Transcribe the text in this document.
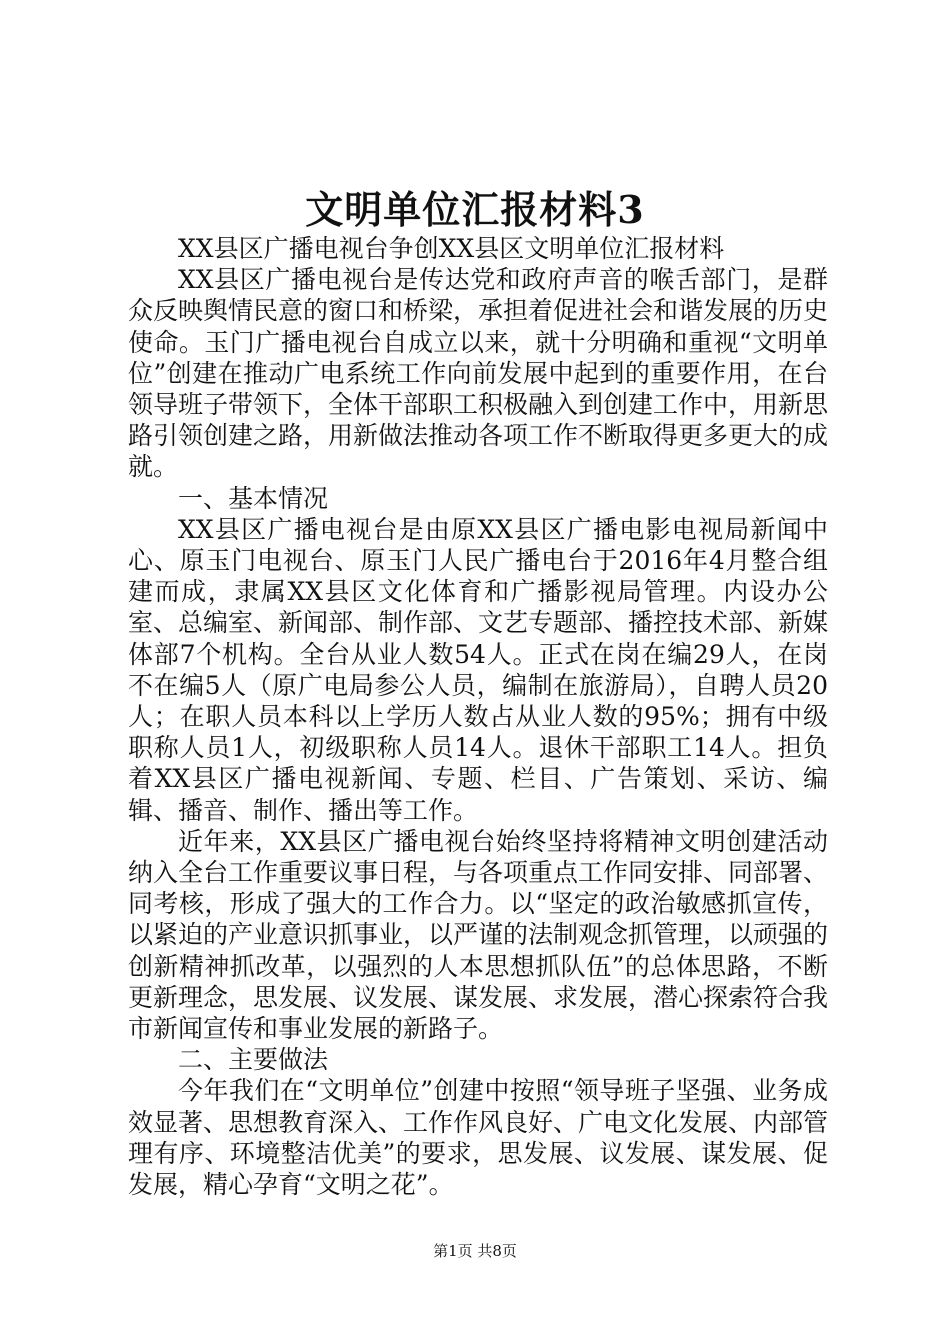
文明单位汇报材料3

XX县区广播电视台争创XX县区文明单位汇报材料

XX县区广播电视台是传达党和政府声音的喉舌部门，是群众反映舆情民意的窗口和桥梁，承担着促进社会和谐发展的历史使命。玉门广播电视台自成立以来，就十分明确和重视“文明单位”创建在推动广电系统工作向前发展中起到的重要作用，在台领导班子带领下，全体干部职工积极融入到创建工作中，用新思路引领创建之路，用新做法推动各项工作不断取得更多更大的成就。

一、基本情况

XX县区广播电视台是由原XX县区广播电影电视局新闻中心、原玉门电视台、原玉门人民广播电台于2016年4月整合组建而成，隶属XX县区文化体育和广播影视局管理。内设办公室、总编室、新闻部、制作部、文艺专题部、播控技术部、新媒体部7个机构。全台从业人数54人。正式在岗在编29人，在岗不在编5人（原广电局参公人员，编制在旅游局），自聘人员20人；在职人员本科以上学历人数占从业人数的95%；拥有中级职称人员1人，初级职称人员14人。退休干部职工14人。担负着XX县区广播电视新闻、专题、栏目、广告策划、采访、编辑、播音、制作、播出等工作。

近年来，XX县区广播电视台始终坚持将精神文明创建活动纳入全台工作重要议事日程，与各项重点工作同安排、同部署、同考核，形成了强大的工作合力。以“坚定的政治敏感抓宣传，以紧迫的产业意识抓事业，以严谨的法制观念抓管理，以顽强的创新精神抓改革，以强烈的人本思想抓队伍”的总体思路，不断更新理念，思发展、议发展、谋发展、求发展，潜心探索符合我市新闻宣传和事业发展的新路子。

二、主要做法

今年我们在“文明单位”创建中按照“领导班子坚强、业务成效显著、思想教育深入、工作作风良好、广电文化发展、内部管理有序、环境整洁优美”的要求，思发展、议发展、谋发展、促发展，精心孕育“文明之花”。

第1页 共8页
